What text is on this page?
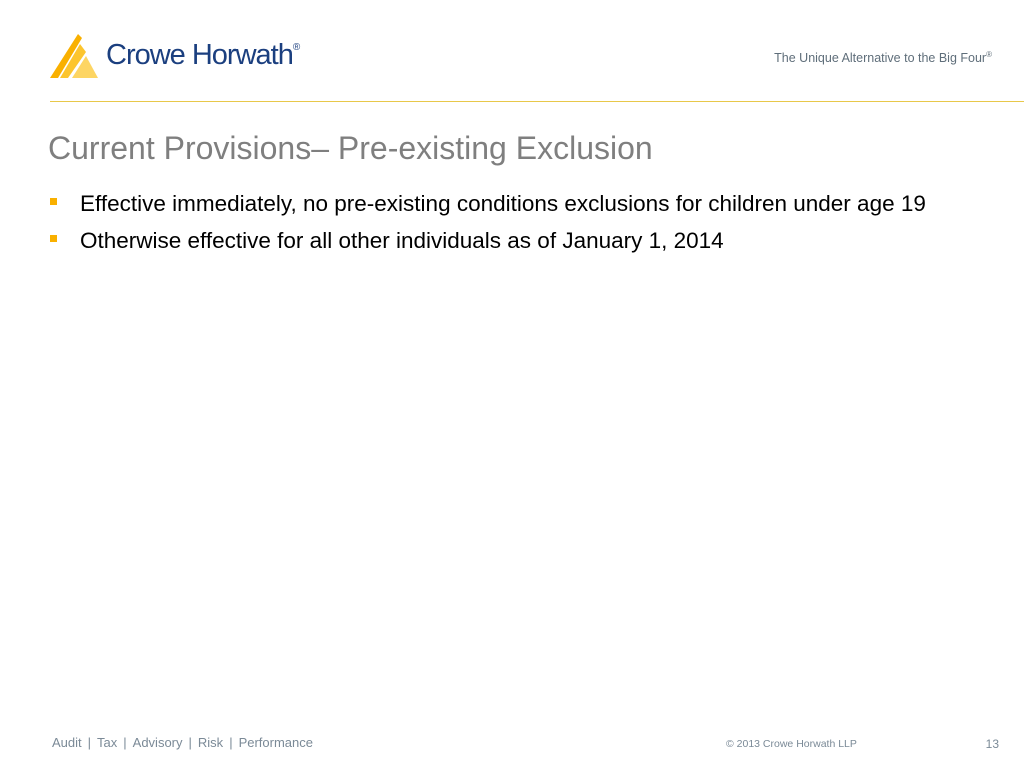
Crowe Horwath®
The Unique Alternative to the Big Four®
Current Provisions– Pre-existing Exclusion
Effective immediately, no pre-existing conditions exclusions for children under age 19
Otherwise effective for all other individuals as of January 1, 2014
Audit | Tax | Advisory | Risk | Performance	© 2013 Crowe Horwath LLP	13
